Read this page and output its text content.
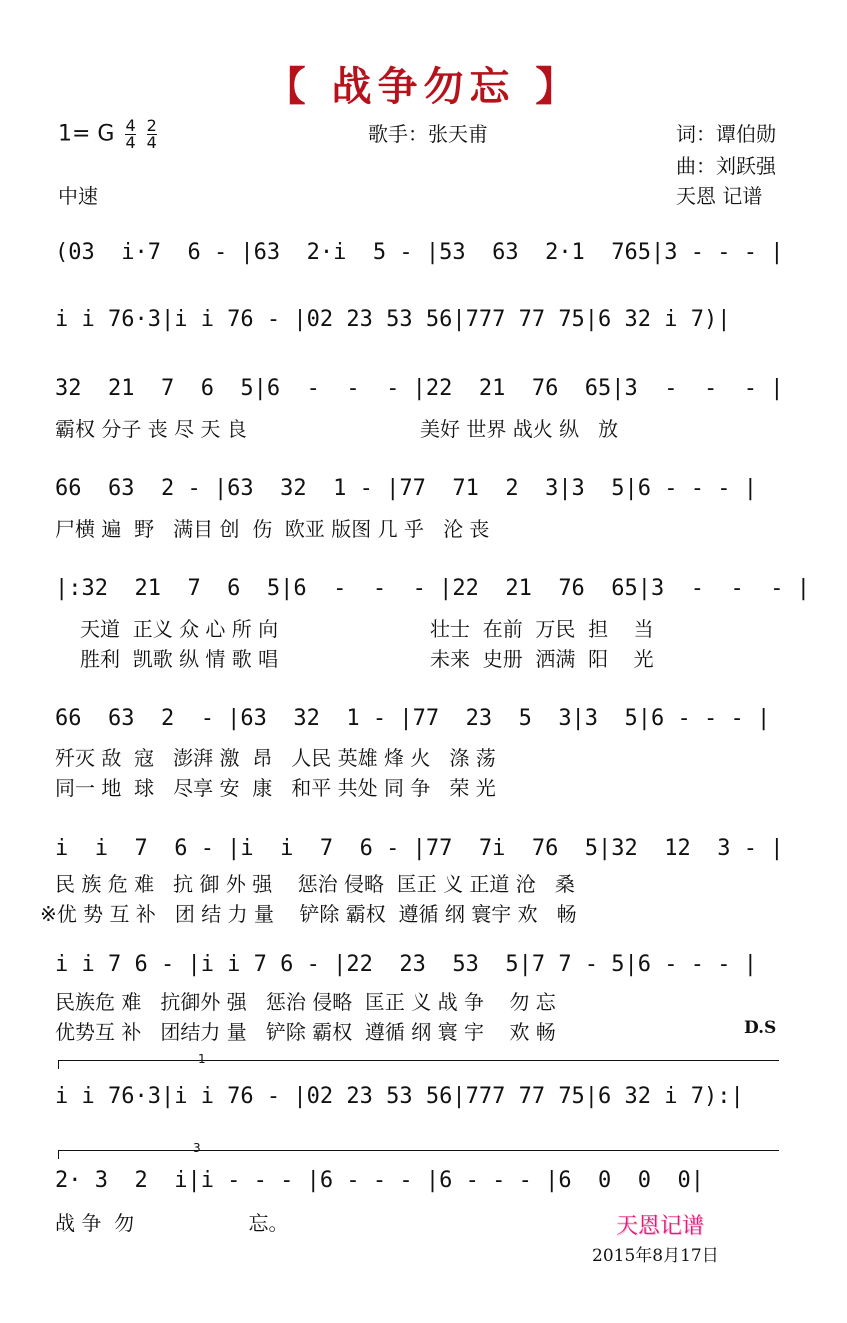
【 战争勿忘 】
1= G $\frac{4}{4}$
$\frac{2}{4}$	歌手：张天甫	词：谭伯勋
曲：刘跃强
中速	天恩 记谱
(03  i·7  6 - |63  2·i  5 - |53  63  2·1  765|3 - - - |
i i 76·3|i i 76 - |02 23 53 56|777 77 75|6 32 i 7)|
32  21  7  6  5|6  -  -  - |22  21  76  65|3  -  -  - |
霸权 分子 丧 尽 天 良	美好 世界 战火 纵   放
66  63  2 - |63  32  1 - |77  71  2  3|3  5|6 - - - |
尸横 遍  野   满目 创  伤  欧亚 版图 几 乎   沦 丧
|:32  21  7  6  5|6  -  -  - |22  21  76  65|3  -  -  - |
天道  正义 众 心 所 向
胜利  凯歌 纵 情 歌 唱
壮士  在前  万民  担    当
未来  史册  洒满  阳    光
66  63  2  - |63  32  1 - |77  23  5  3|3  5|6 - - - |
歼灭 敌  寇   澎湃 激  昂   人民 英雄 烽 火   涤 荡
同一 地  球   尽享 安  康   和平 共处 同 争   荣 光
i  i  7  6 - |i  i  7  6 - |77  7i  76  5|32  12  3 - |
民 族 危 难   抗 御 外 强    惩治 侵略  匡正 义 正道 沧   桑
※优 势 互 补   团 结 力 量    铲除 霸权  遵循 纲 寰宇 欢   畅
i i 7 6 - |i i 7 6 - |22  23  53  5|7 7 - 5|6 - - - |
民族危 难   抗御外 强   惩治 侵略  匡正 义 战 争    勿 忘
优势互 补   团结力 量   铲除 霸权  遵循 纲 寰 宇    欢 畅	D.S
1
i i 76·3|i i 76 - |02 23 53 56|777 77 75|6 32 i 7):|
3
2· 3  2  i|i - - - |6 - - - |6 - - - |6  0  0  0|
战 争  勿                  忘。	天恩记谱
2015年8月17日
